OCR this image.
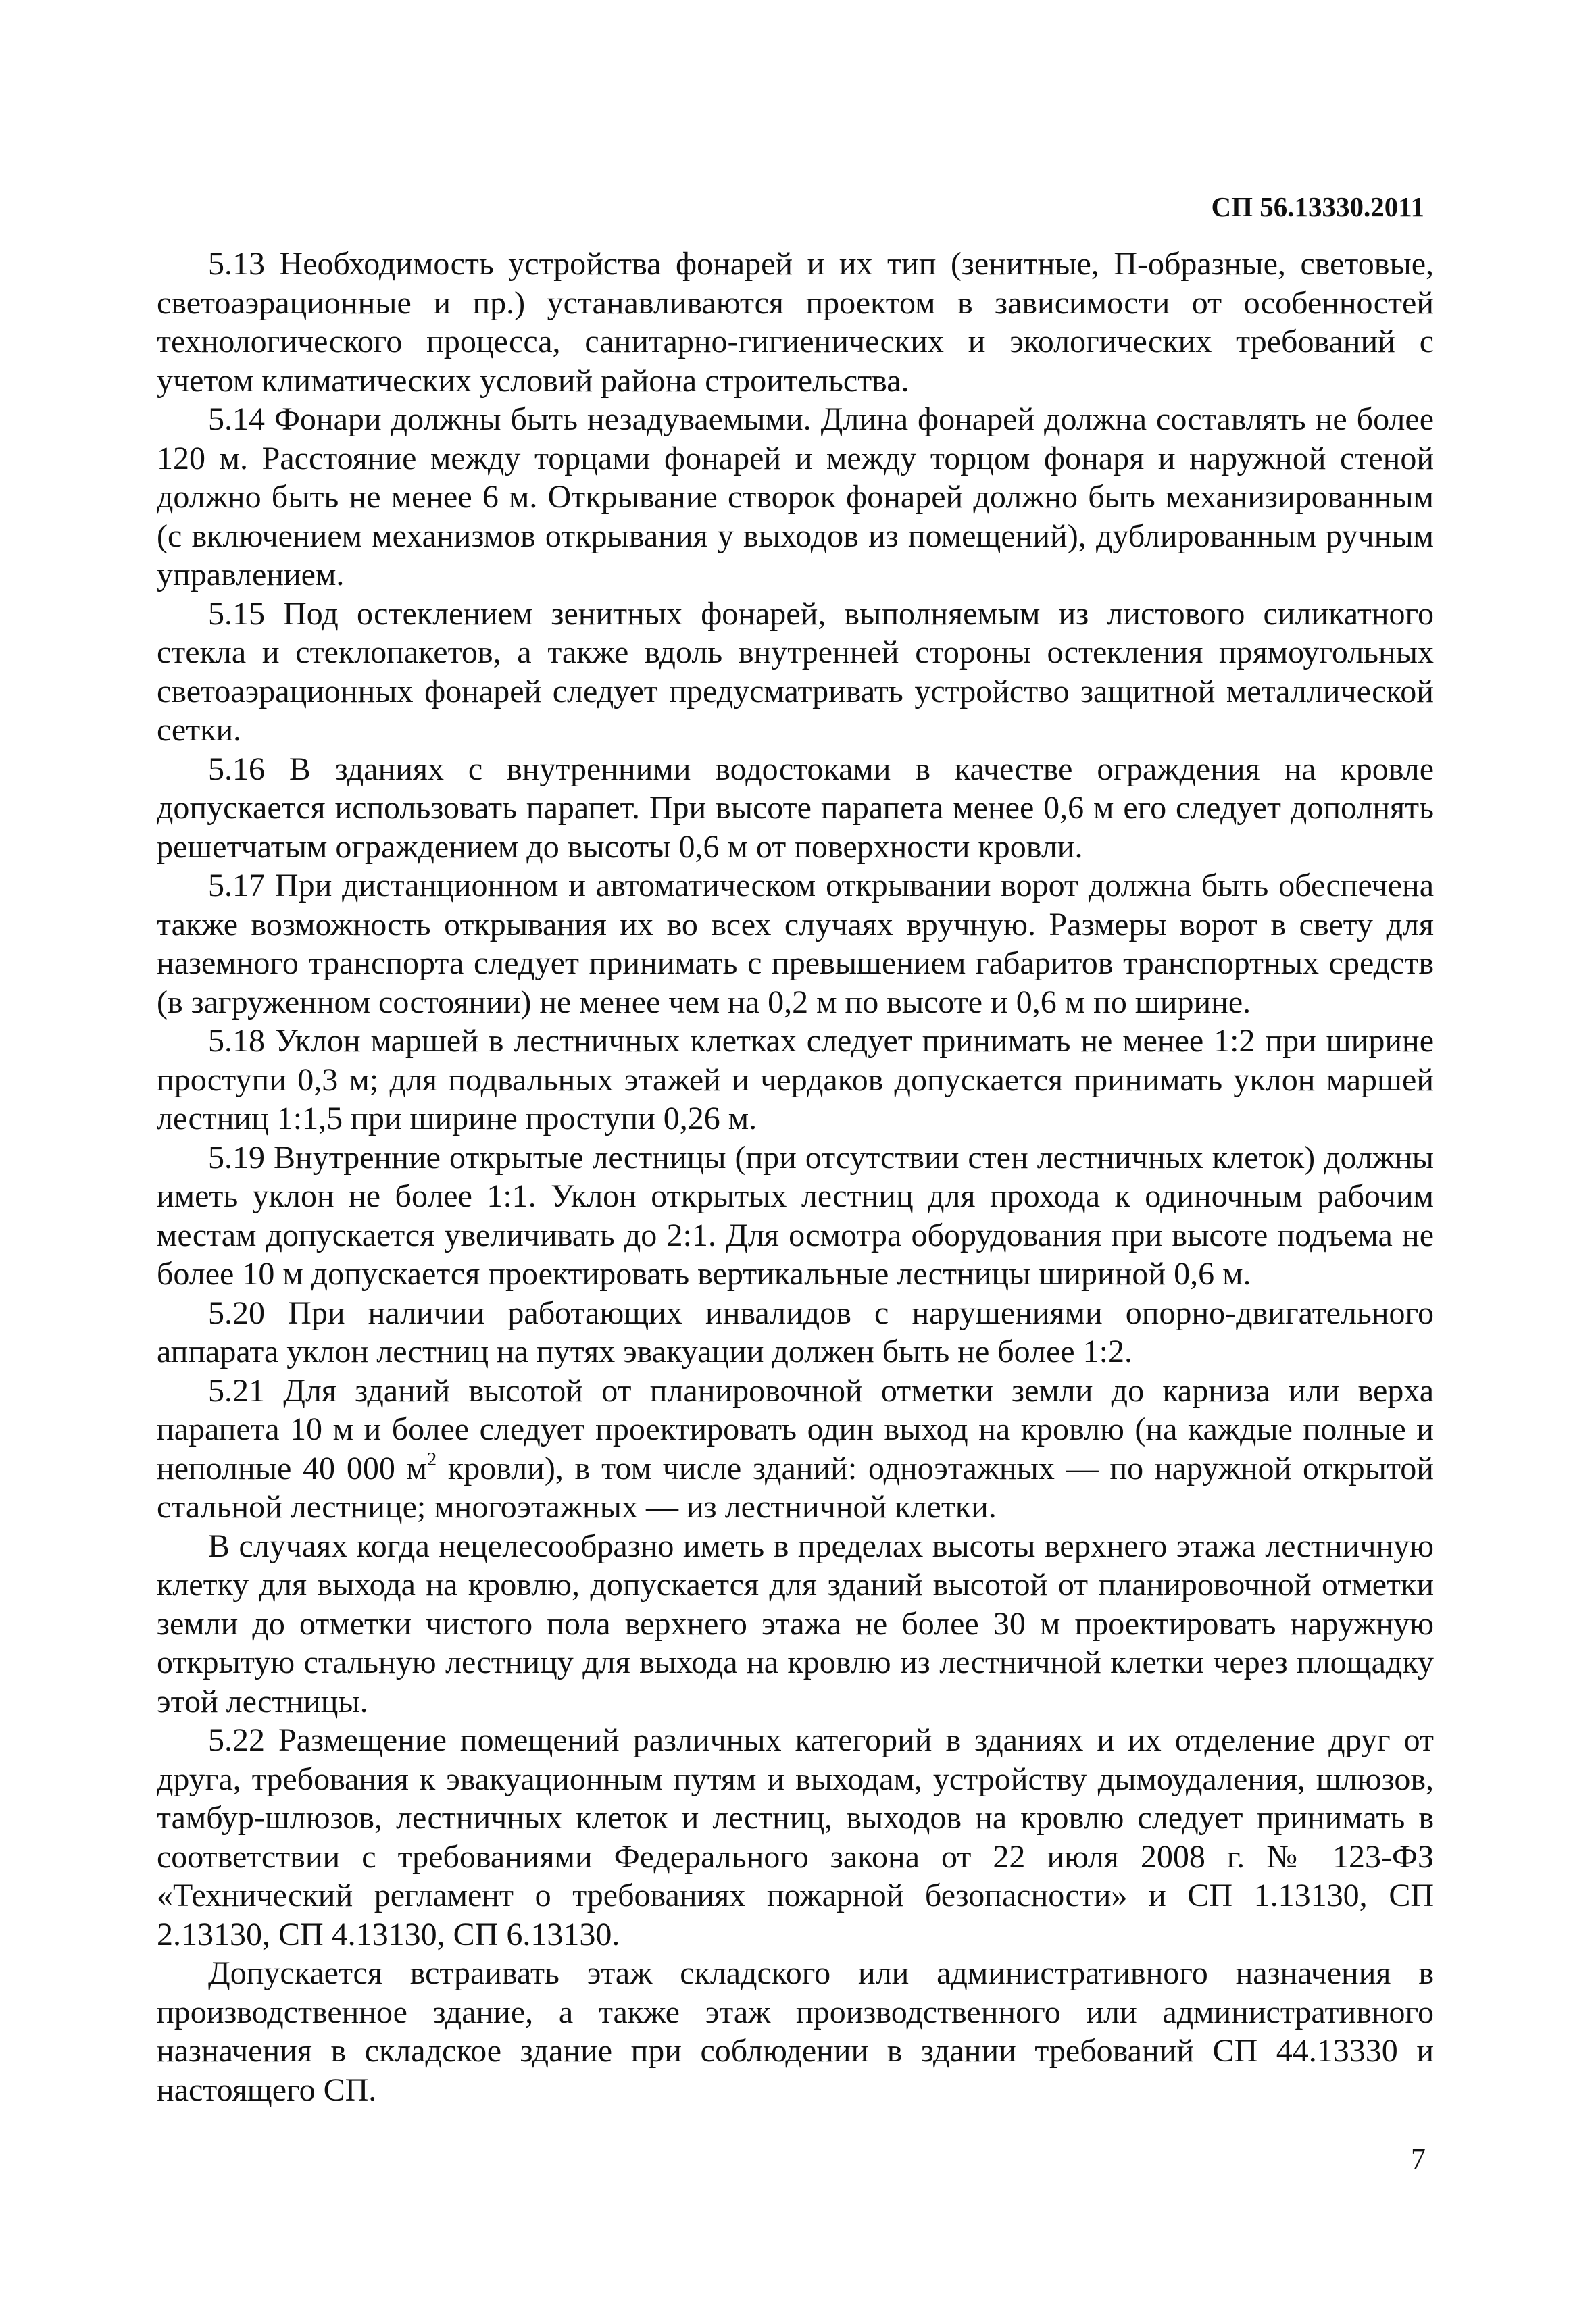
СП 56.13330.2011

5.13 Необходимость устройства фонарей и их тип (зенитные, П-образные, световые, светоаэрационные и пр.) устанавливаются проектом в зависимости от особенностей технологического процесса, санитарно-гигиенических и экологических требований с учетом климатических условий района строительства.

5.14 Фонари должны быть незадуваемыми. Длина фонарей должна составлять не более 120 м. Расстояние между торцами фонарей и между торцом фонаря и наружной стеной должно быть не менее 6 м. Открывание створок фонарей должно быть механизированным (с включением механизмов открывания у выходов из помещений), дублированным ручным управлением.

5.15 Под остеклением зенитных фонарей, выполняемым из листового силикатного стекла и стеклопакетов, а также вдоль внутренней стороны остекления прямоугольных светоаэрационных фонарей следует предусматривать устройство защитной металлической сетки.

5.16 В зданиях с внутренними водостоками в качестве ограждения на кровле допускается использовать парапет. При высоте парапета менее 0,6 м его следует дополнять решетчатым ограждением до высоты 0,6 м от поверхности кровли.

5.17 При дистанционном и автоматическом открывании ворот должна быть обеспечена также возможность открывания их во всех случаях вручную. Размеры ворот в свету для наземного транспорта следует принимать с превышением габаритов транспортных средств (в загруженном состоянии) не менее чем на 0,2 м по высоте и 0,6 м по ширине.

5.18 Уклон маршей в лестничных клетках следует принимать не менее 1:2 при ширине проступи 0,3 м; для подвальных этажей и чердаков допускается принимать уклон маршей лестниц 1:1,5 при ширине проступи 0,26 м.

5.19 Внутренние открытые лестницы (при отсутствии стен лестничных клеток) должны иметь уклон не более 1:1. Уклон открытых лестниц для прохода к одиночным рабочим местам допускается увеличивать до 2:1. Для осмотра оборудования при высоте подъема не более 10 м допускается проектировать вертикальные лестницы шириной 0,6 м.

5.20 При наличии работающих инвалидов с нарушениями опорно-двигательного аппарата уклон лестниц на путях эвакуации должен быть не более 1:2.

5.21 Для зданий высотой от планировочной отметки земли до карниза или верха парапета 10 м и более следует проектировать один выход на кровлю (на каждые полные и неполные 40 000 $м^2$ кровли), в том числе зданий: одноэтажных — по наружной открытой стальной лестнице; многоэтажных — из лестничной клетки.

В случаях когда нецелесообразно иметь в пределах высоты верхнего этажа лестничную клетку для выхода на кровлю, допускается для зданий высотой от планировочной отметки земли до отметки чистого пола верхнего этажа не более 30 м проектировать наружную открытую стальную лестницу для выхода на кровлю из лестничной клетки через площадку этой лестницы.

5.22 Размещение помещений различных категорий в зданиях и их отделение друг от друга, требования к эвакуационным путям и выходам, устройству дымоудаления, шлюзов, тамбур-шлюзов, лестничных клеток и лестниц, выходов на кровлю следует принимать в соответствии с требованиями Федерального закона от 22 июля 2008 г. № 123-ФЗ «Технический регламент о требованиях пожарной безопасности» и СП 1.13130, СП 2.13130, СП 4.13130, СП 6.13130.

Допускается встраивать этаж складского или административного назначения в производственное здание, а также этаж производственного или административного назначения в складское здание при соблюдении в здании требований СП 44.13330 и настоящего СП.

7
